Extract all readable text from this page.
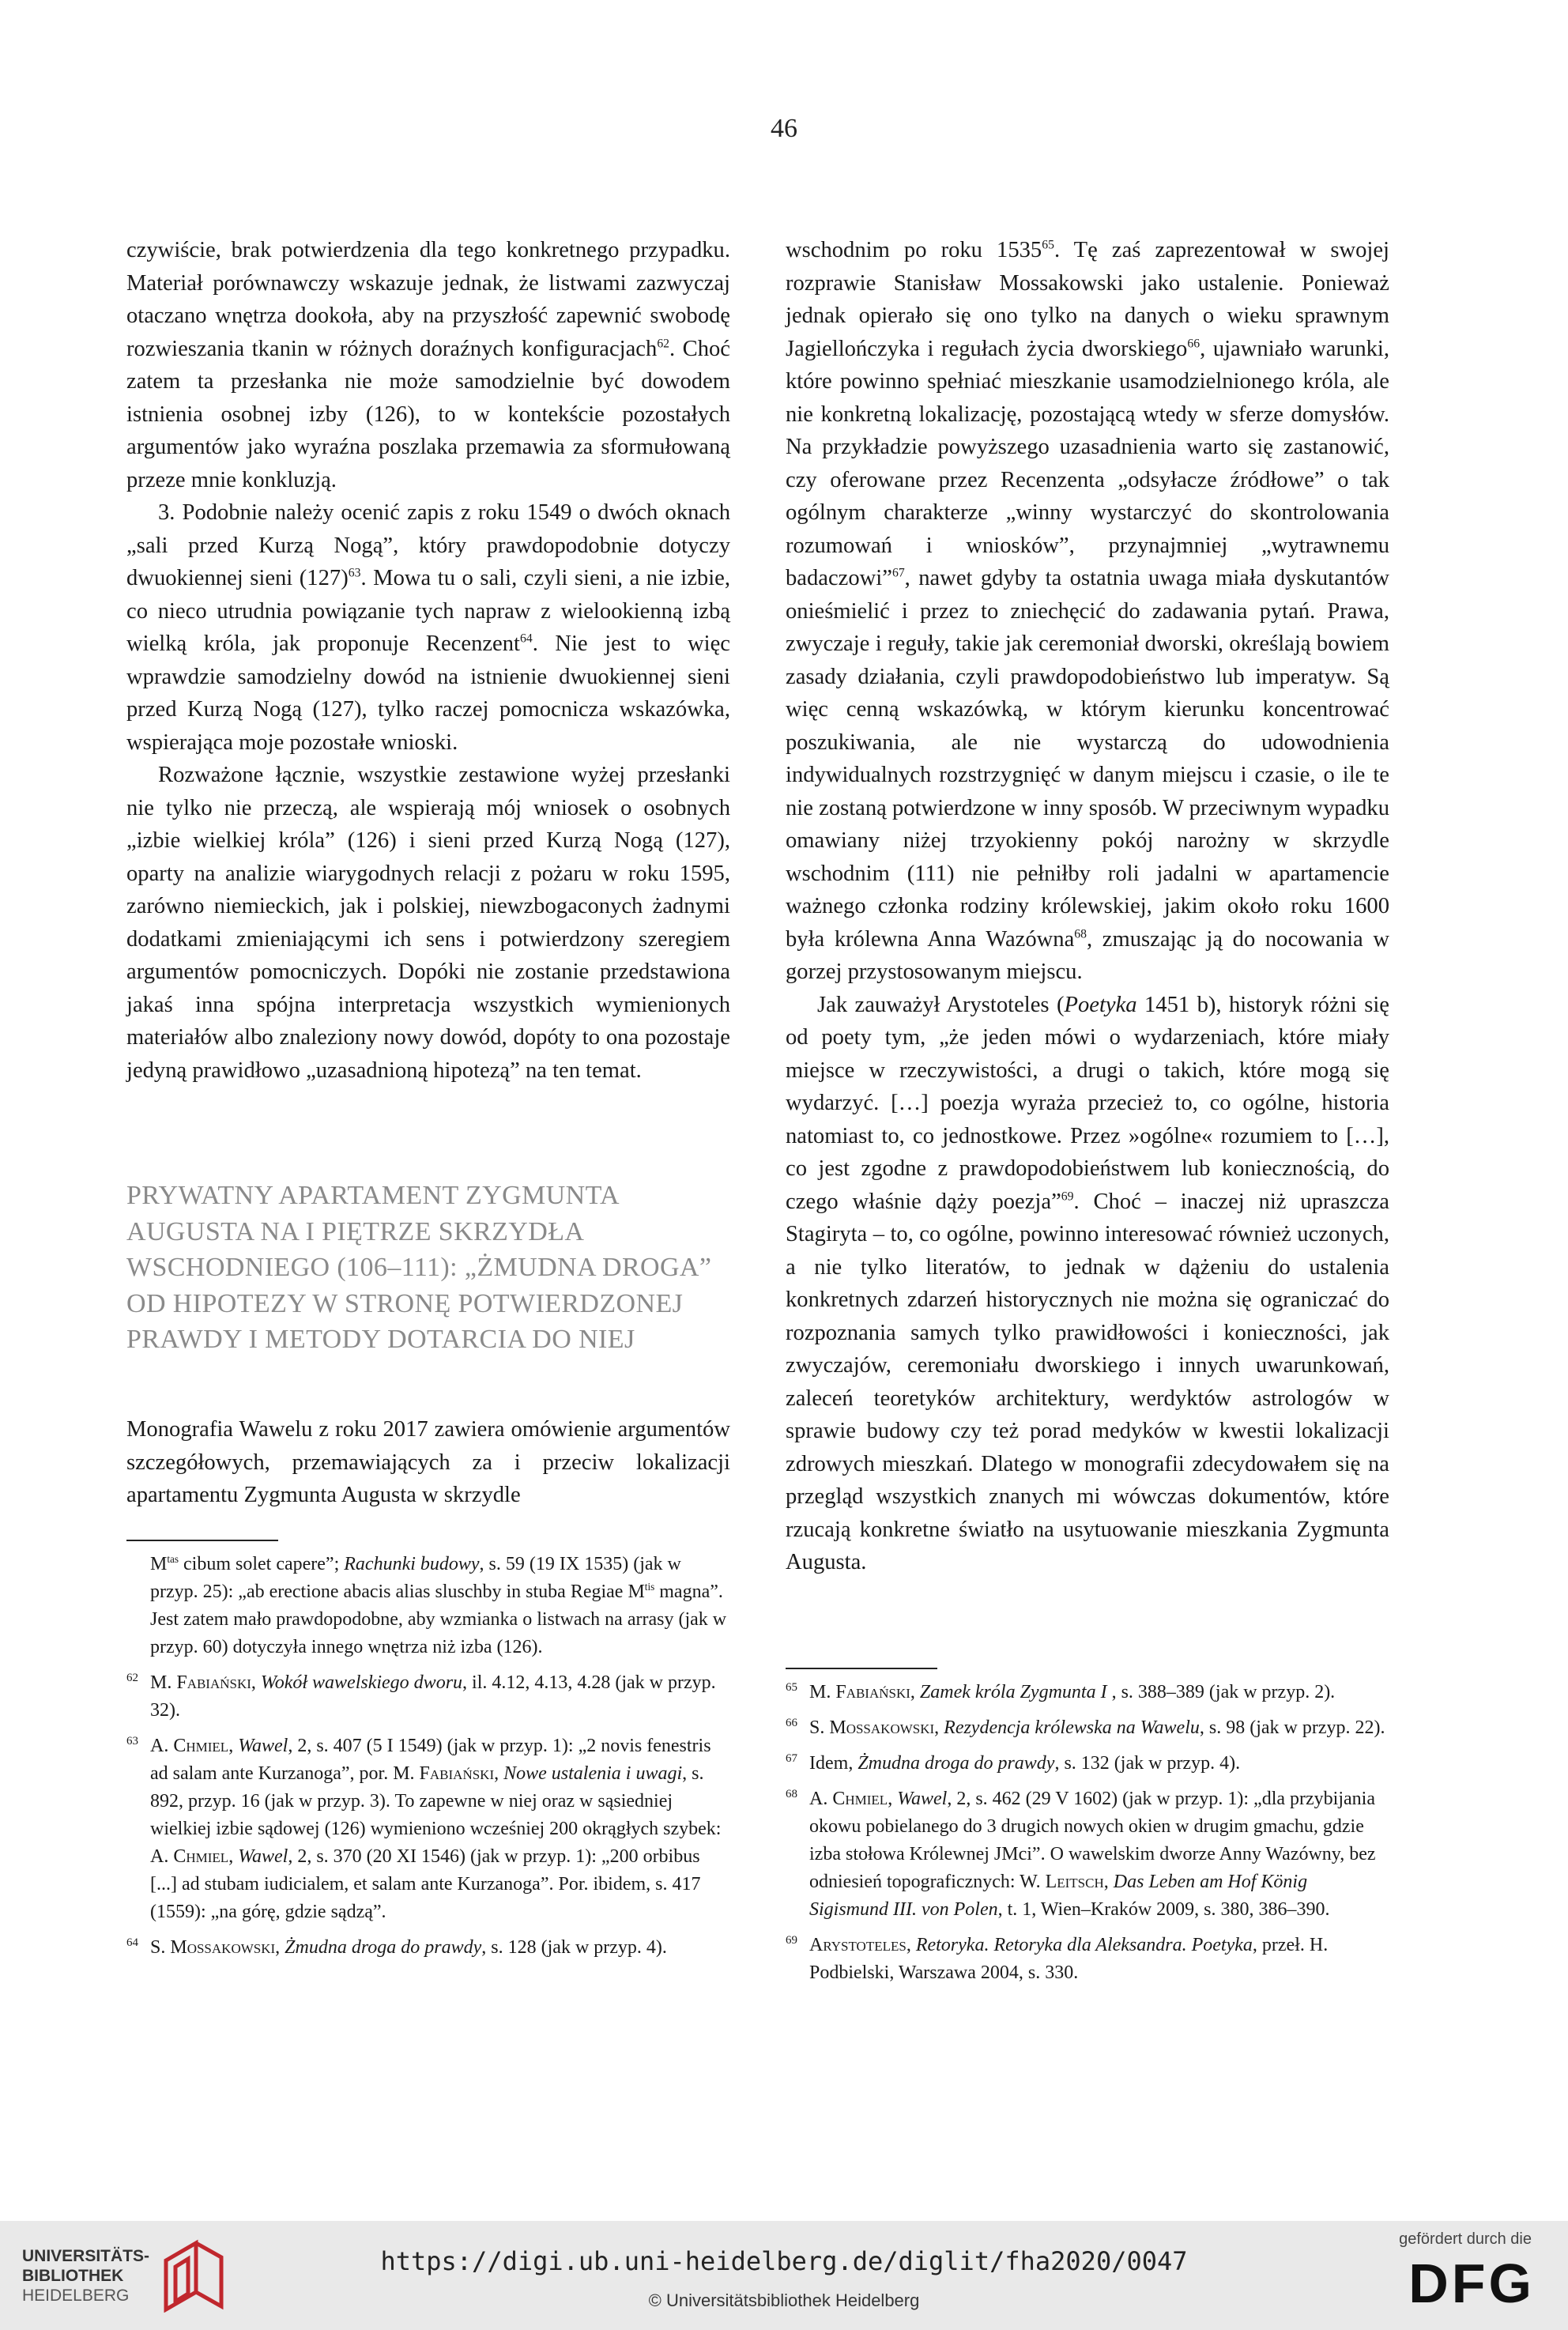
46

czywiście, brak potwierdzenia dla tego konkretnego przypadku. Materiał porównawczy wskazuje jednak, że listwami zazwyczaj otaczano wnętrza dookoła, aby na przyszłość zapewnić swobodę rozwieszania tkanin w różnych doraźnych konfiguracjach$^{62}$. Choć zatem ta przesłanka nie może samodzielnie być dowodem istnienia osobnej izby (126), to w kontekście pozostałych argumentów jako wyraźna poszlaka przemawia za sformułowaną przeze mnie konkluzją.

3. Podobnie należy ocenić zapis z roku 1549 o dwóch oknach „sali przed Kurzą Nogą”, który prawdopodobnie dotyczy dwuokiennej sieni $(127)^{63}$. Mowa tu o sali, czyli sieni, a nie izbie, co nieco utrudnia powiązanie tych napraw z wielookienną izbą wielką króla, jak proponuje Recenzent$^{64}$. Nie jest to więc wprawdzie samodzielny dowód na istnienie dwuokiennej sieni przed Kurzą Nogą (127), tylko raczej pomocnicza wskazówka, wspierająca moje pozostałe wnioski.

Rozważone łącznie, wszystkie zestawione wyżej przesłanki nie tylko nie przeczą, ale wspierają mój wniosek o osobnych „izbie wielkiej króla” (126) i sieni przed Kurzą Nogą (127), oparty na analizie wiarygodnych relacji z pożaru w roku 1595, zarówno niemieckich, jak i polskiej, niewzbogaconych żadnymi dodatkami zmieniającymi ich sens i potwierdzony szeregiem argumentów pomocniczych. Dopóki nie zostanie przedstawiona jakaś inna spójna interpretacja wszystkich wymienionych materiałów albo znaleziony nowy dowód, dopóty to ona pozostaje jedyną prawidłowo „uzasadnioną hipotezą” na ten temat.

PRYWATNY APARTAMENT ZYGMUNTA AUGUSTA NA I PIĘTRZE SKRZYDŁA WSCHODNIEGO (106–111): „ŻMUDNA DROGA” OD HIPOTEZY W STRONĘ POTWIERDZONEJ PRAWDY I METODY DOTARCIA DO NIEJ

Monografia Wawelu z roku 2017 zawiera omówienie argumentów szczegółowych, przemawiających za i przeciw lokalizacji apartamentu Zygmunta Augusta w skrzydle

$M^{tas}$ cibum solet capere”; Rachunki budowy, s. 59 (19 IX 1535) (jak w przyp. 25): „ab erectione abacis alias sluschby in stuba Regiae $M^{tis}$ magna”. Jest zatem mało prawdopodobne, aby wzmianka o listwach na arrasy (jak w przyp. 60) dotyczyła innego wnętrza niż izba (126).
62 M. Fabiański, Wokół wawelskiego dworu, il. 4.12, 4.13, 4.28 (jak w przyp. 32).
63 A. Chmiel, Wawel, 2, s. 407 (5 I 1549) (jak w przyp. 1): „2 novis fenestris ad salam ante Kurzanoga”, por. M. Fabiański, Nowe ustalenia i uwagi, s. 892, przyp. 16 (jak w przyp. 3). To zapewne w niej oraz w sąsiedniej wielkiej izbie sądowej (126) wymieniono wcześniej 200 okrągłych szybek: A. Chmiel, Wawel, 2, s. 370 (20 XI 1546) (jak w przyp. 1): „200 orbibus [...] ad stubam iudicialem, et salam ante Kurzanoga”. Por. ibidem, s. 417 (1559): „na górę, gdzie sądzą”.
64 S. Mossakowski, Żmudna droga do prawdy, s. 128 (jak w przyp. 4).

wschodnim po roku 1535$^{65}$. Tę zaś zaprezentował w swojej rozprawie Stanisław Mossakowski jako ustalenie. Ponieważ jednak opierało się ono tylko na danych o wieku sprawnym Jagiellończyka i regułach życia dworskiego$^{66}$, ujawniało warunki, które powinno spełniać mieszkanie usamodzielnionego króla, ale nie konkretną lokalizację, pozostającą wtedy w sferze domysłów. Na przykładzie powyższego uzasadnienia warto się zastanowić, czy oferowane przez Recenzenta „odsyłacze źródłowe” o tak ogólnym charakterze „winny wystarczyć do skontrolowania rozumowań i wniosków”, przynajmniej „wytrawnemu badaczowi”$^{67}$, nawet gdyby ta ostatnia uwaga miała dyskutantów onieśmielić i przez to zniechęcić do zadawania pytań. Prawa, zwyczaje i reguły, takie jak ceremoniał dworski, określają bowiem zasady działania, czyli prawdopodobieństwo lub imperatyw. Są więc cenną wskazówką, w którym kierunku koncentrować poszukiwania, ale nie wystarczą do udowodnienia indywidualnych rozstrzygnięć w danym miejscu i czasie, o ile te nie zostaną potwierdzone w inny sposób. W przeciwnym wypadku omawiany niżej trzyokienny pokój narożny w skrzydle wschodnim (111) nie pełniłby roli jadalni w apartamencie ważnego członka rodziny królewskiej, jakim około roku 1600 była królewna Anna Wazówna$^{68}$, zmuszając ją do nocowania w gorzej przystosowanym miejscu.

Jak zauważył Arystoteles (Poetyka 1451 b), historyk różni się od poety tym, „że jeden mówi o wydarzeniach, które miały miejsce w rzeczywistości, a drugi o takich, które mogą się wydarzyć. […] poezja wyraża przecież to, co ogólne, historia natomiast to, co jednostkowe. Przez »ogólne« rozumiem to […], co jest zgodne z prawdopodobieństwem lub koniecznością, do czego właśnie dąży poezja”$^{69}$. Choć – inaczej niż upraszcza Stagiryta – to, co ogólne, powinno interesować również uczonych, a nie tylko literatów, to jednak w dążeniu do ustalenia konkretnych zdarzeń historycznych nie można się ograniczać do rozpoznania samych tylko prawidłowości i konieczności, jak zwyczajów, ceremoniału dworskiego i innych uwarunkowań, zaleceń teoretyków architektury, werdyktów astrologów w sprawie budowy czy też porad medyków w kwestii lokalizacji zdrowych mieszkań. Dlatego w monografii zdecydowałem się na przegląd wszystkich znanych mi wówczas dokumentów, które rzucają konkretne światło na usytuowanie mieszkania Zygmunta Augusta.

65 M. Fabiański, Zamek króla Zygmunta I , s. 388–389 (jak w przyp. 2).
66 S. Mossakowski, Rezydencja królewska na Wawelu, s. 98 (jak w przyp. 22).
67 Idem, Żmudna droga do prawdy, s. 132 (jak w przyp. 4).
68 A. Chmiel, Wawel, 2, s. 462 (29 V 1602) (jak w przyp. 1): „dla przybijania okowu pobielanego do 3 drugich nowych okien w drugim gmachu, gdzie izba stołowa Królewnej JMci”. O wawelskim dworze Anny Wazówny, bez odniesień topograficznych: W. Leitsch, Das Leben am Hof König Sigismund III. von Polen, t. 1, Wien–Kraków 2009, s. 380, 386–390.
69 Arystoteles, Retoryka. Retoryka dla Aleksandra. Poetyka, przeł. H. Podbielski, Warszawa 2004, s. 330.
UNIVERSITÄTS-
BIBLIOTHEK
HEIDELBERG
https://digi.ub.uni-heidelberg.de/diglit/fha2020/0047
© Universitätsbibliothek Heidelberg
gefördert durch die
DFG
